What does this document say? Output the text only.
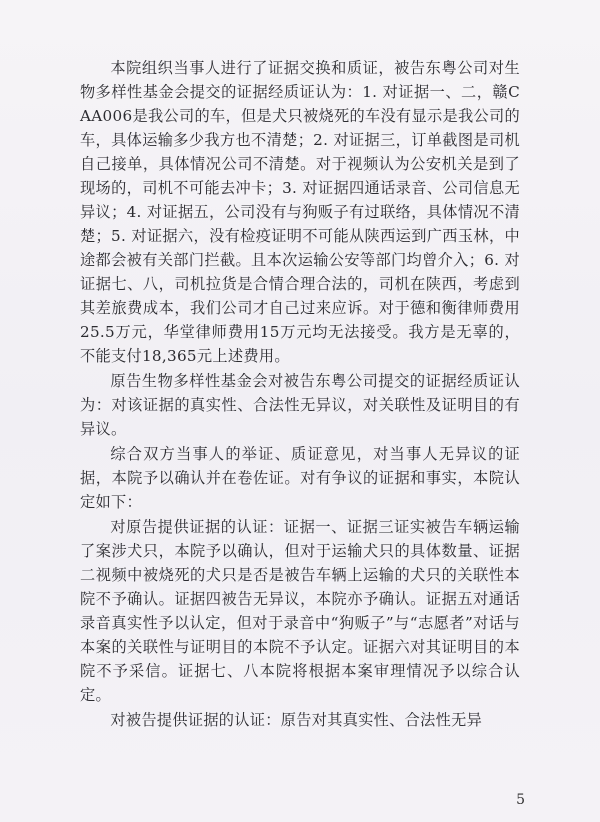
本院组织当事人进行了证据交换和质证，被告东粤公司对生物多样性基金会提交的证据经质证认为：1. 对证据一、二，赣CAA006是我公司的车，但是犬只被烧死的车没有显示是我公司的车，具体运输多少我方也不清楚；2. 对证据三，订单截图是司机自己接单，具体情况公司不清楚。对于视频认为公安机关是到了现场的，司机不可能去冲卡；3. 对证据四通话录音、公司信息无异议；4. 对证据五，公司没有与狗贩子有过联络，具体情况不清楚；5. 对证据六，没有检疫证明不可能从陕西运到广西玉林，中途都会被有关部门拦截。且本次运输公安等部门均曾介入；6. 对证据七、八，司机拉货是合情合理合法的，司机在陕西，考虑到其差旅费成本，我们公司才自己过来应诉。对于德和衡律师费用25.5万元，华堂律师费用15万元均无法接受。我方是无辜的，不能支付18,365元上述费用。

原告生物多样性基金会对被告东粤公司提交的证据经质证认为：对该证据的真实性、合法性无异议，对关联性及证明目的有异议。

综合双方当事人的举证、质证意见，对当事人无异议的证据，本院予以确认并在卷佐证。对有争议的证据和事实，本院认定如下：

对原告提供证据的认证：证据一、证据三证实被告车辆运输了案涉犬只，本院予以确认，但对于运输犬只的具体数量、证据二视频中被烧死的犬只是否是被告车辆上运输的犬只的关联性本院不予确认。证据四被告无异议，本院亦予确认。证据五对通话录音真实性予以认定，但对于录音中“狗贩子”与“志愿者”对话与本案的关联性与证明目的本院不予认定。证据六对其证明目的本院不予采信。证据七、八本院将根据本案审理情况予以综合认定。

对被告提供证据的认证：原告对其真实性、合法性无异

5
